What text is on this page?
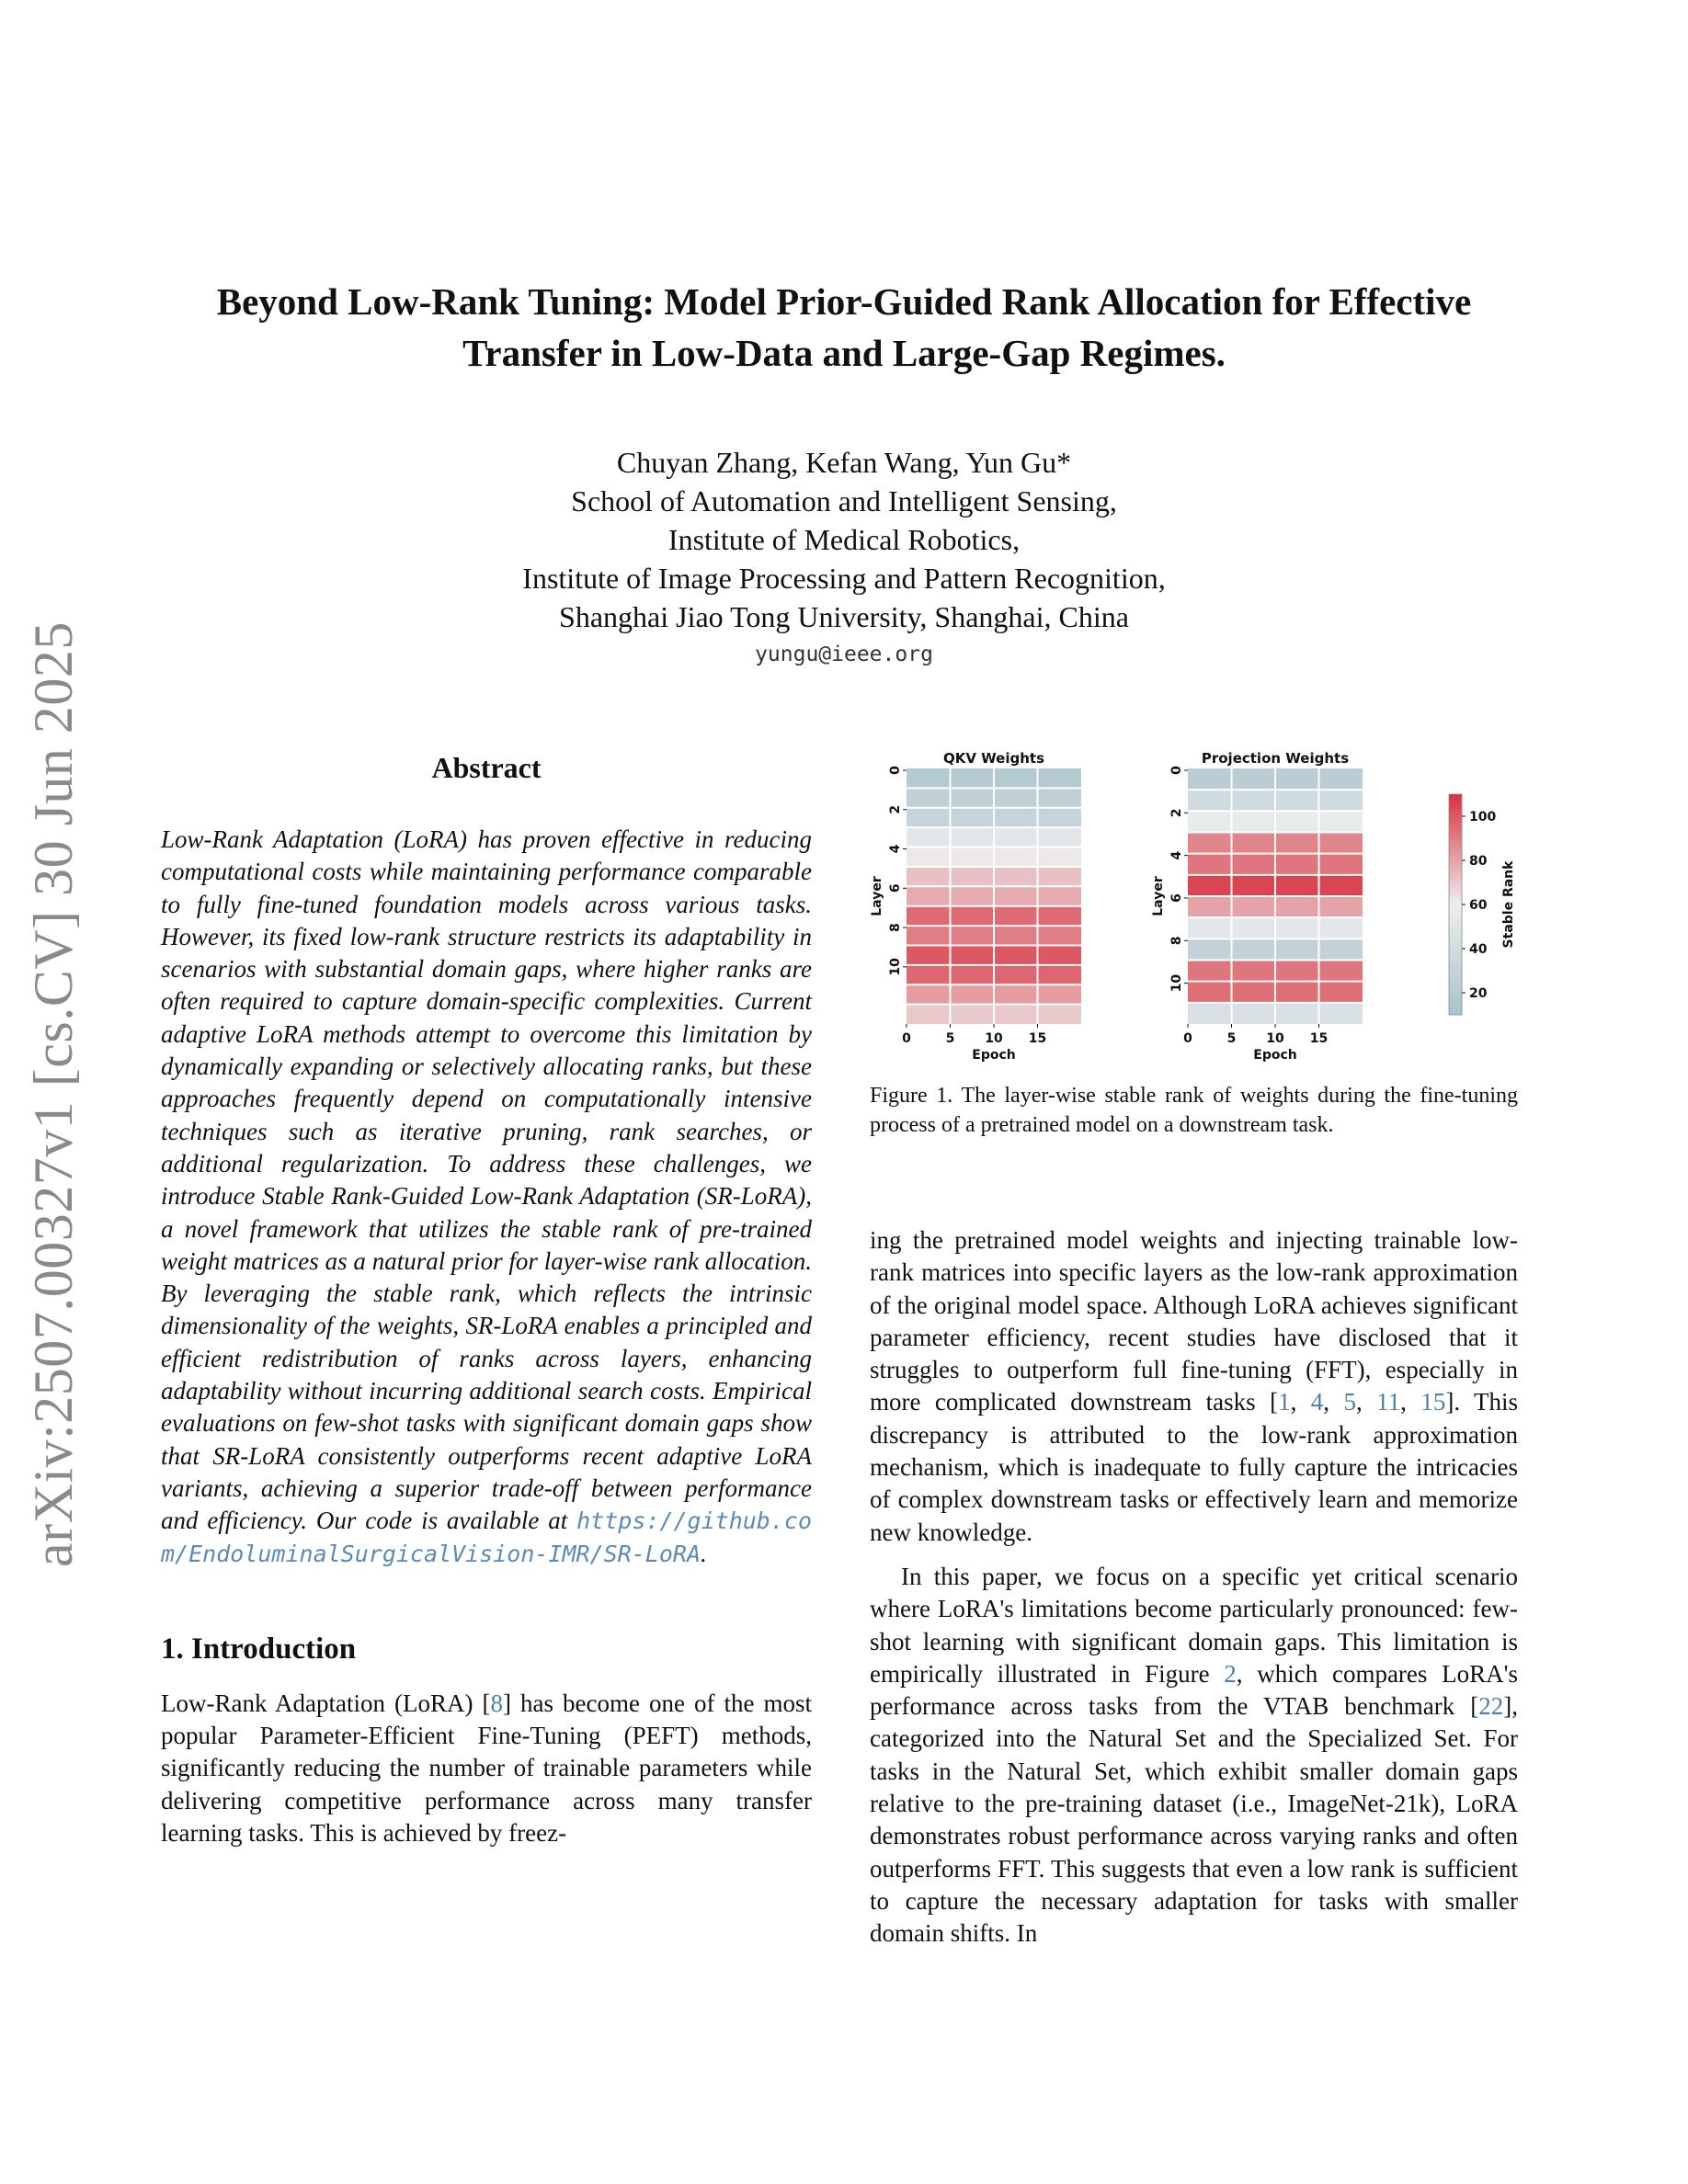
arXiv:2507.00327v1 [cs.CV] 30 Jun 2025
Beyond Low-Rank Tuning: Model Prior-Guided Rank Allocation for Effective
Transfer in Low-Data and Large-Gap Regimes.
Chuyan Zhang, Kefan Wang, Yun Gu*
School of Automation and Intelligent Sensing,
Institute of Medical Robotics,
Institute of Image Processing and Pattern Recognition,
Shanghai Jiao Tong University, Shanghai, China
yungu@ieee.org
Abstract

Low-Rank Adaptation (LoRA) has proven effective in reducing computational costs while maintaining performance comparable to fully fine-tuned foundation models across various tasks. However, its fixed low-rank structure restricts its adaptability in scenarios with substantial domain gaps, where higher ranks are often required to capture domain-specific complexities. Current adaptive LoRA methods attempt to overcome this limitation by dynamically expanding or selectively allocating ranks, but these approaches frequently depend on computationally intensive techniques such as iterative pruning, rank searches, or additional regularization. To address these challenges, we introduce Stable Rank-Guided Low-Rank Adaptation (SR-LoRA), a novel framework that utilizes the stable rank of pre-trained weight matrices as a natural prior for layer-wise rank allocation. By leveraging the stable rank, which reflects the intrinsic dimensionality of the weights, SR-LoRA enables a principled and efficient redistribution of ranks across layers, enhancing adaptability without incurring additional search costs. Empirical evaluations on few-shot tasks with significant domain gaps show that SR-LoRA consistently outperforms recent adaptive LoRA variants, achieving a superior trade-off between performance and efficiency. Our code is available at https://github.com/EndoluminalSurgicalVision-IMR/SR-LoRA.

1. Introduction

Low-Rank Adaptation (LoRA) [8] has become one of the most popular Parameter-Efficient Fine-Tuning (PEFT) methods, significantly reducing the number of trainable parameters while delivering competitive performance across many transfer learning tasks. This is achieved by freez-

QKV Weights
0	5 10 15
Epoch
0
2
4
6
8
10
Layer
Projection Weights
0	5 10 15
Epoch
0
2
4
6
8
10
Layer
20
40
60
80
100
Stable Rank
Figure 1. The layer-wise stable rank of weights during the fine-tuning process of a pretrained model on a downstream task.

ing the pretrained model weights and injecting trainable low-rank matrices into specific layers as the low-rank approximation of the original model space. Although LoRA achieves significant parameter efficiency, recent studies have disclosed that it struggles to outperform full fine-tuning (FFT), especially in more complicated downstream tasks [1, 4, 5, 11, 15]. This discrepancy is attributed to the low-rank approximation mechanism, which is inadequate to fully capture the intricacies of complex downstream tasks or effectively learn and memorize new knowledge.

In this paper, we focus on a specific yet critical scenario where LoRA's limitations become particularly pronounced: few-shot learning with significant domain gaps. This limitation is empirically illustrated in Figure 2, which compares LoRA's performance across tasks from the VTAB benchmark [22], categorized into the Natural Set and the Specialized Set. For tasks in the Natural Set, which exhibit smaller domain gaps relative to the pre-training dataset (i.e., ImageNet-21k), LoRA demonstrates robust performance across varying ranks and often outperforms FFT. This suggests that even a low rank is sufficient to capture the necessary adaptation for tasks with smaller domain shifts. In
